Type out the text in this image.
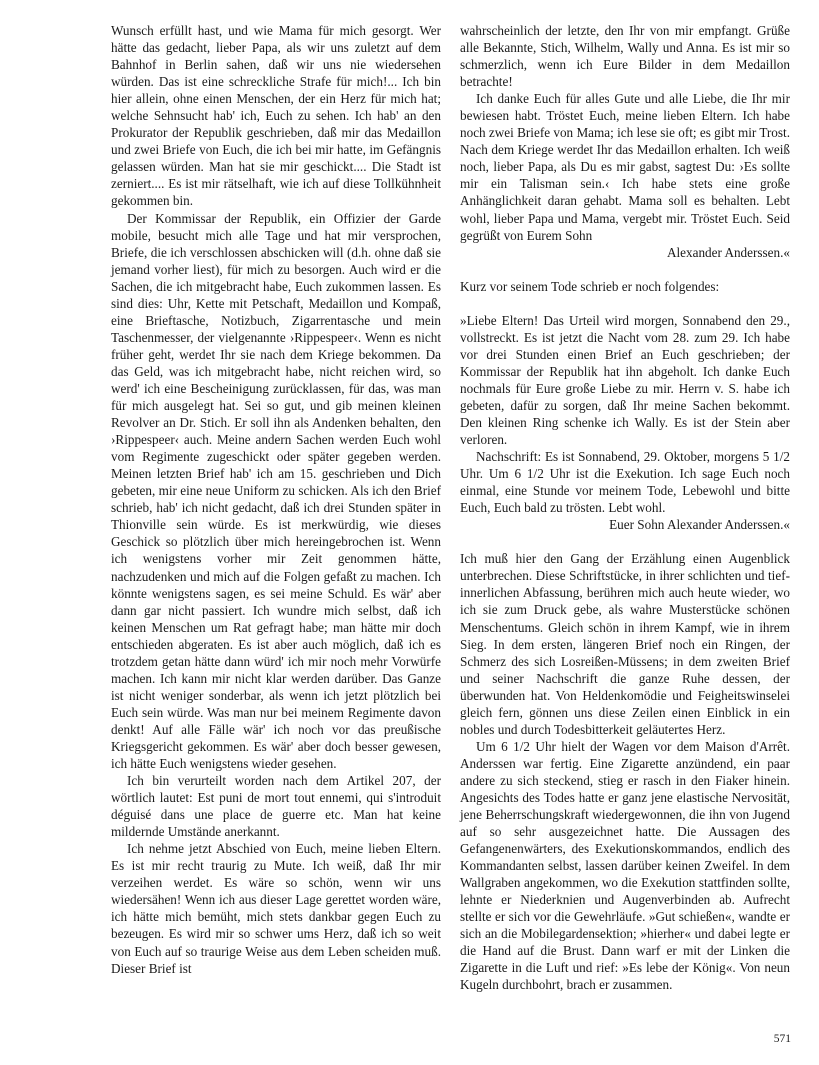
Wunsch erfüllt hast, und wie Mama für mich gesorgt. Wer hätte das gedacht, lieber Papa, als wir uns zuletzt auf dem Bahnhof in Berlin sahen, daß wir uns nie wiedersehen würden. Das ist eine schreckliche Strafe für mich!... Ich bin hier allein, ohne einen Menschen, der ein Herz für mich hat; welche Sehnsucht hab' ich, Euch zu sehen. Ich hab' an den Prokurator der Republik geschrieben, daß mir das Medaillon und zwei Briefe von Euch, die ich bei mir hatte, im Gefängnis gelassen würden. Man hat sie mir geschickt.... Die Stadt ist zerniert.... Es ist mir rätselhaft, wie ich auf diese Tollkühnheit gekommen bin.

Der Kommissar der Republik, ein Offizier der Garde mobile, besucht mich alle Tage und hat mir versprochen, Briefe, die ich verschlossen abschicken will (d.h. ohne daß sie jemand vorher liest), für mich zu besorgen. Auch wird er die Sachen, die ich mitgebracht habe, Euch zukommen lassen. Es sind dies: Uhr, Kette mit Petschaft, Medaillon und Kompaß, eine Brieftasche, Notizbuch, Zigarrentasche und mein Taschenmesser, der vielgenannte ›Rippespeer‹. Wenn es nicht früher geht, werdet Ihr sie nach dem Kriege bekommen. Da das Geld, was ich mitgebracht habe, nicht reichen wird, so werd' ich eine Bescheinigung zurücklassen, für das, was man für mich ausgelegt hat. Sei so gut, und gib meinen kleinen Revolver an Dr. Stich. Er soll ihn als Andenken behalten, den ›Rippespeer‹ auch. Meine andern Sachen werden Euch wohl vom Regimente zugeschickt oder später gegeben werden. Meinen letzten Brief hab' ich am 15. geschrieben und Dich gebeten, mir eine neue Uniform zu schicken. Als ich den Brief schrieb, hab' ich nicht gedacht, daß ich drei Stunden später in Thionville sein würde. Es ist merkwürdig, wie dieses Geschick so plötzlich über mich hereingebrochen ist. Wenn ich wenigstens vorher mir Zeit genommen hätte, nachzudenken und mich auf die Folgen gefaßt zu machen. Ich könnte wenigstens sagen, es sei meine Schuld. Es wär' aber dann gar nicht passiert. Ich wundre mich selbst, daß ich keinen Menschen um Rat gefragt habe; man hätte mir doch entschieden abgeraten. Es ist aber auch möglich, daß ich es trotzdem getan hätte dann würd' ich mir noch mehr Vorwürfe machen. Ich kann mir nicht klar werden darüber. Das Ganze ist nicht weniger sonderbar, als wenn ich jetzt plötzlich bei Euch sein würde. Was man nur bei meinem Regimente davon denkt! Auf alle Fälle wär' ich noch vor das preußische Kriegsgericht gekommen. Es wär' aber doch besser gewesen, ich hätte Euch wenigstens wieder gesehen.

Ich bin verurteilt worden nach dem Artikel 207, der wörtlich lautet: Est puni de mort tout ennemi, qui s'introduit déguisé dans une place de guerre etc. Man hat keine mildernde Umstände anerkannt.

Ich nehme jetzt Abschied von Euch, meine lieben Eltern. Es ist mir recht traurig zu Mute. Ich weiß, daß Ihr mir verzeihen werdet. Es wäre so schön, wenn wir uns wiedersähen! Wenn ich aus dieser Lage gerettet worden wäre, ich hätte mich bemüht, mich stets dankbar gegen Euch zu bezeugen. Es wird mir so schwer ums Herz, daß ich so weit von Euch auf so traurige Weise aus dem Leben scheiden muß. Dieser Brief ist

wahrscheinlich der letzte, den Ihr von mir empfangt. Grüße alle Bekannte, Stich, Wilhelm, Wally und Anna. Es ist mir so schmerzlich, wenn ich Eure Bilder in dem Medaillon betrachte!

Ich danke Euch für alles Gute und alle Liebe, die Ihr mir bewiesen habt. Tröstet Euch, meine lieben Eltern. Ich habe noch zwei Briefe von Mama; ich lese sie oft; es gibt mir Trost. Nach dem Kriege werdet Ihr das Medaillon erhalten. Ich weiß noch, lieber Papa, als Du es mir gabst, sagtest Du: ›Es sollte mir ein Talisman sein.‹ Ich habe stets eine große Anhänglichkeit daran gehabt. Mama soll es behalten. Lebt wohl, lieber Papa und Mama, vergebt mir. Tröstet Euch. Seid gegrüßt von Eurem Sohn

Alexander Anderssen.«

Kurz vor seinem Tode schrieb er noch folgendes:

»Liebe Eltern! Das Urteil wird morgen, Sonnabend den 29., vollstreckt. Es ist jetzt die Nacht vom 28. zum 29. Ich habe vor drei Stunden einen Brief an Euch geschrieben; der Kommissar der Republik hat ihn abgeholt. Ich danke Euch nochmals für Eure große Liebe zu mir. Herrn v. S. habe ich gebeten, dafür zu sorgen, daß Ihr meine Sachen bekommt. Den kleinen Ring schenke ich Wally. Es ist der Stein aber verloren.

Nachschrift: Es ist Sonnabend, 29. Oktober, morgens 5 1/2 Uhr. Um 6 1/2 Uhr ist die Exekution. Ich sage Euch noch einmal, eine Stunde vor meinem Tode, Lebewohl und bitte Euch, Euch bald zu trösten. Lebt wohl.

Euer Sohn Alexander Anderssen.«

Ich muß hier den Gang der Erzählung einen Augenblick unterbrechen. Diese Schriftstücke, in ihrer schlichten und tief-innerlichen Abfassung, berühren mich auch heute wieder, wo ich sie zum Druck gebe, als wahre Musterstücke schönen Menschentums. Gleich schön in ihrem Kampf, wie in ihrem Sieg. In dem ersten, längeren Brief noch ein Ringen, der Schmerz des sich Losreißen-Müssens; in dem zweiten Brief und seiner Nachschrift die ganze Ruhe dessen, der überwunden hat. Von Heldenkomödie und Feigheitswinselei gleich fern, gönnen uns diese Zeilen einen Einblick in ein nobles und durch Todesbitterkeit geläutertes Herz.

Um 6 1/2 Uhr hielt der Wagen vor dem Maison d'Arrêt. Anderssen war fertig. Eine Zigarette anzündend, ein paar andere zu sich steckend, stieg er rasch in den Fiaker hinein. Angesichts des Todes hatte er ganz jene elastische Nervosität, jene Beherrschungskraft wiedergewonnen, die ihn von Jugend auf so sehr ausgezeichnet hatte. Die Aussagen des Gefangenenwärters, des Exekutionskommandos, endlich des Kommandanten selbst, lassen darüber keinen Zweifel. In dem Wallgraben angekommen, wo die Exekution stattfinden sollte, lehnte er Niederknien und Augenverbinden ab. Aufrecht stellte er sich vor die Gewehrläufe. »Gut schießen«, wandte er sich an die Mobilegardensektion; »hierher« und dabei legte er die Hand auf die Brust. Dann warf er mit der Linken die Zigarette in die Luft und rief: »Es lebe der König«. Von neun Kugeln durchbohrt, brach er zusammen.

571
